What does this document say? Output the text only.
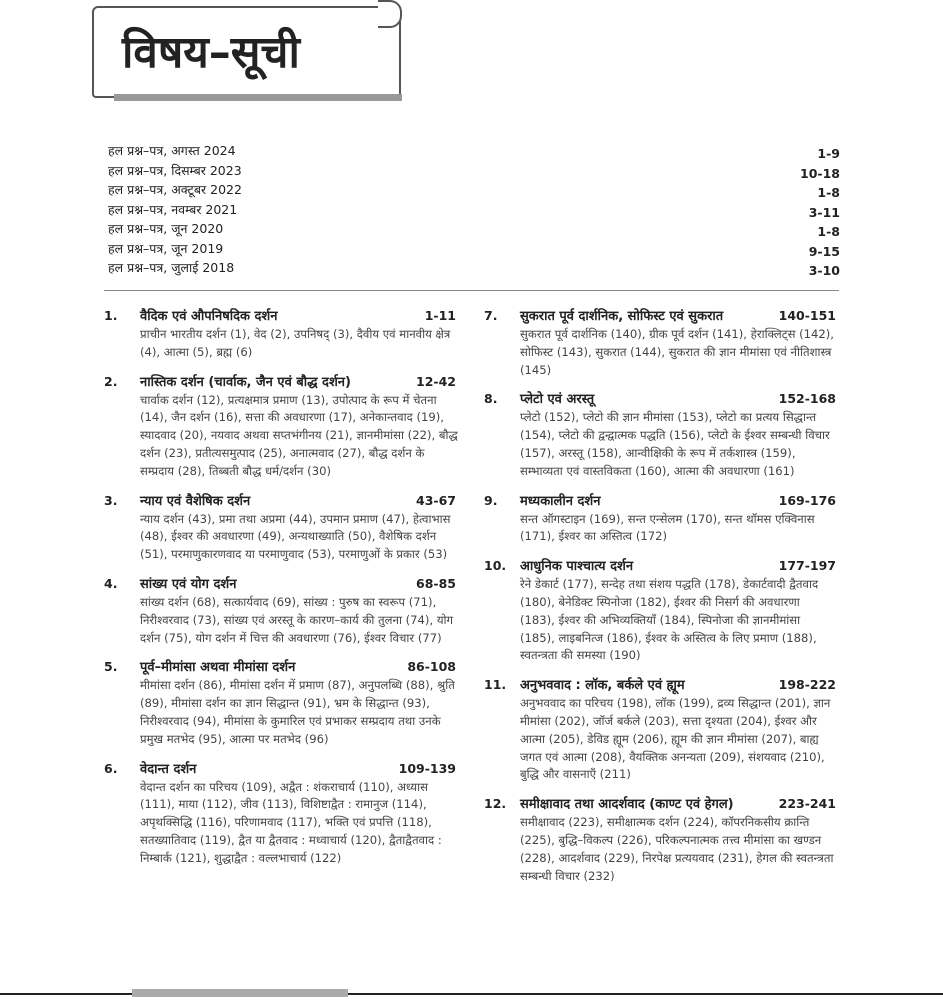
विषय–सूची
हल प्रश्न–पत्र, अगस्त 2024	1-9
हल प्रश्न–पत्र, दिसम्बर 2023	10-18
हल प्रश्न–पत्र, अक्टूबर 2022	1-8
हल प्रश्न–पत्र, नवम्बर 2021	3-11
हल प्रश्न–पत्र, जून 2020	1-8
हल प्रश्न–पत्र, जून 2019	9-15
हल प्रश्न–पत्र, जुलाई 2018	3-10
1. वैदिक एवं औपनिषदिक दर्शन	1-11
प्राचीन भारतीय दर्शन (1), वेद (2), उपनिषद् (3), दैवीय एवं मानवीय क्षेत्र (4), आत्मा (5), ब्रह्म (6)
2. नास्तिक दर्शन (चार्वाक, जैन एवं बौद्ध दर्शन)	12-42
चार्वाक दर्शन (12), प्रत्यक्षमात्र प्रमाण (13), उपोत्पाद के रूप में चेतना (14), जैन दर्शन (16), सत्ता की अवधारणा (17), अनेकान्तवाद (19), स्यादवाद (20), नयवाद अथवा सप्तभंगीनय (21), ज्ञानमीमांसा (22), बौद्ध दर्शन (23), प्रतीत्यसमुत्पाद (25), अनात्मवाद (27), बौद्ध दर्शन के सम्प्रदाय (28), तिब्बती बौद्ध धर्म/दर्शन (30)
3. न्याय एवं वैशेषिक दर्शन	43-67
न्याय दर्शन (43), प्रमा तथा अप्रमा (44), उपमान प्रमाण (47), हेत्वाभास (48), ईश्वर की अवधारणा (49), अन्यथाख्याति (50), वैशेषिक दर्शन (51), परमाणुकारणवाद या परमाणुवाद (53), परमाणुओं के प्रकार (53)
4. सांख्य एवं योग दर्शन	68-85
सांख्य दर्शन (68), सत्कार्यवाद (69), सांख्य : पुरुष का स्वरूप (71), निरीश्वरवाद (73), सांख्य एवं अरस्तू के कारण–कार्य की तुलना (74), योग दर्शन (75), योग दर्शन में चित्त की अवधारणा (76), ईश्वर विचार (77)
5. पूर्व–मीमांसा अथवा मीमांसा दर्शन	86-108
मीमांसा दर्शन (86), मीमांसा दर्शन में प्रमाण (87), अनुपलब्धि (88), श्रुति (89), मीमांसा दर्शन का ज्ञान सिद्धान्त (91), भ्रम के सिद्धान्त (93), निरीश्वरवाद (94), मीमांसा के कुमारिल एवं प्रभाकर सम्प्रदाय तथा उनके प्रमुख मतभेद (95), आत्मा पर मतभेद (96)
6. वेदान्त दर्शन	109-139
वेदान्त दर्शन का परिचय (109), अद्वैत : शंकराचार्य (110), अध्यास (111), माया (112), जीव (113), विशिष्टाद्वैत : रामानुज (114), अपृथक्सिद्धि (116), परिणामवाद (117), भक्ति एवं प्रपत्ति (118), सतख्यातिवाद (119), द्वैत या द्वैतवाद : मध्वाचार्य (120), द्वैताद्वैतवाद : निम्बार्क (121), शुद्धाद्वैत : वल्लभाचार्य (122)
7. सुकरात पूर्व दार्शनिक, सोफिस्ट एवं सुकरात	140-151
सुकरात पूर्व दार्शनिक (140), ग्रीक पूर्व दर्शन (141), हेराक्लिट्स (142), सोफिस्ट (143), सुकरात (144), सुकरात की ज्ञान मीमांसा एवं नीतिशास्त्र (145)
8. प्लेटो एवं अरस्तू	152-168
प्लेटो (152), प्लेटो की ज्ञान मीमांसा (153), प्लेटो का प्रत्यय सिद्धान्त (154), प्लेटो की द्वन्द्वात्मक पद्धति (156), प्लेटो के ईश्वर सम्बन्धी विचार (157), अरस्तू (158), आन्वीक्षिकी के रूप में तर्कशास्त्र (159), सम्भाव्यता एवं वास्तविकता (160), आत्मा की अवधारणा (161)
9. मध्यकालीन दर्शन	169-176
सन्त ऑगस्टाइन (169), सन्त एन्सेलम (170), सन्त थॉमस एक्विनास (171), ईश्वर का अस्तित्व (172)
10. आधुनिक पाश्चात्य दर्शन	177-197
रेने डेकार्ट (177), सन्देह तथा संशय पद्धति (178), डेकार्टवादी द्वैतवाद (180), बेनेडिक्ट स्पिनोजा (182), ईश्वर की निसर्ग की अवधारणा (183), ईश्वर की अभिव्यक्तियाँ (184), स्पिनोजा की ज्ञानमीमांसा (185), लाइबनित्ज (186), ईश्वर के अस्तित्व के लिए प्रमाण (188), स्वतन्त्रता की समस्या (190)
11. अनुभववाद : लॉक, बर्कले एवं ह्यूम	198-222
अनुभववाद का परिचय (198), लॉक (199), द्रव्य सिद्धान्त (201), ज्ञान मीमांसा (202), जॉर्ज बर्कले (203), सत्ता दृश्यता (204), ईश्वर और आत्मा (205), डेविड ह्यूम (206), ह्यूम की ज्ञान मीमांसा (207), बाह्य जगत एवं आत्मा (208), वैयक्तिक अनन्यता (209), संशयवाद (210), बुद्धि और वासनाएँ (211)
12. समीक्षावाद तथा आदर्शवाद (काण्ट एवं हेगल)	223-241
समीक्षावाद (223), समीक्षात्मक दर्शन (224), कॉपरनिकसीय क्रान्ति (225), बुद्धि–विकल्प (226), परिकल्पनात्मक तत्त्व मीमांसा का खण्डन (228), आदर्शवाद (229), निरपेक्ष प्रत्ययवाद (231), हेगल की स्वतन्त्रता सम्बन्धी विचार (232)
